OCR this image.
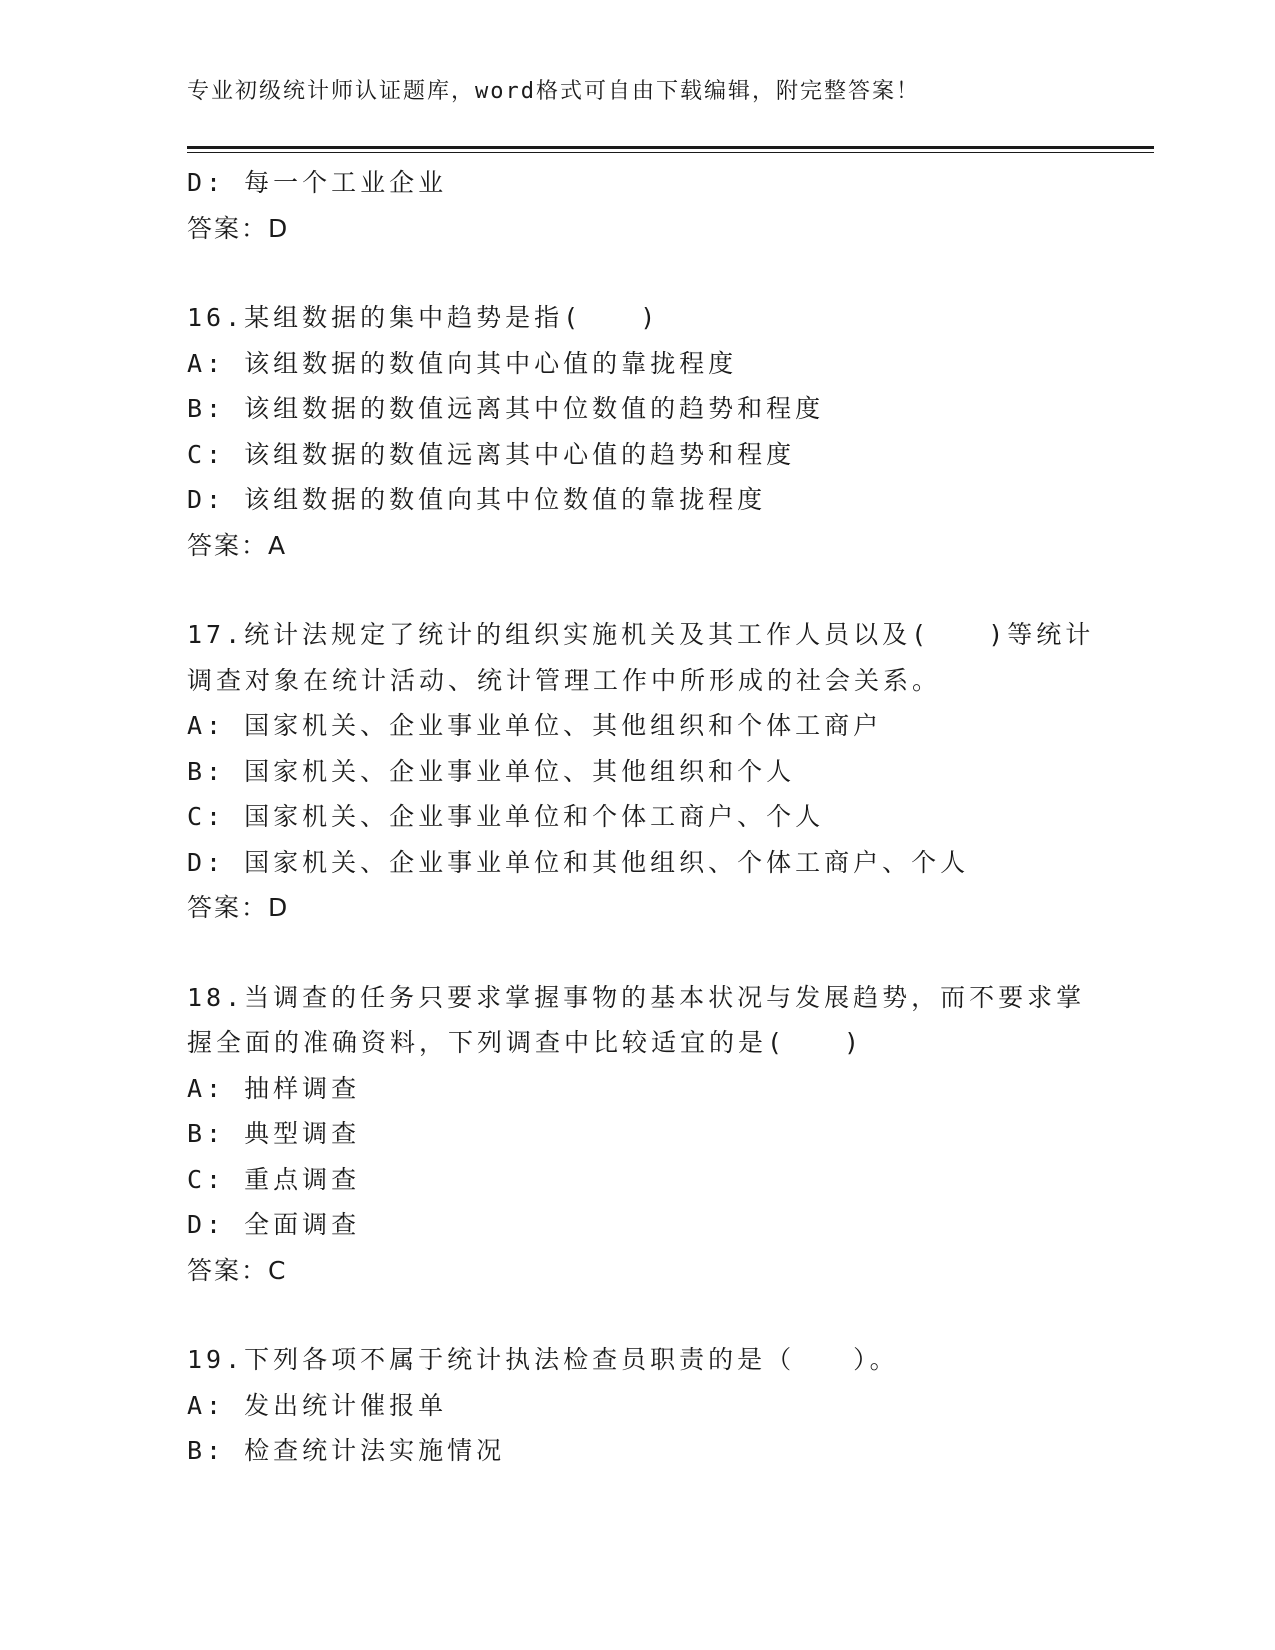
专业初级统计师认证题库，word格式可自由下载编辑，附完整答案！
D: 每一个工业企业
答案：D
16.某组数据的集中趋势是指(　　)
A: 该组数据的数值向其中心值的靠拢程度
B: 该组数据的数值远离其中位数值的趋势和程度
C: 该组数据的数值远离其中心值的趋势和程度
D: 该组数据的数值向其中位数值的靠拢程度
答案：A
17.统计法规定了统计的组织实施机关及其工作人员以及(　　)等统计
调查对象在统计活动、统计管理工作中所形成的社会关系。
A: 国家机关、企业事业单位、其他组织和个体工商户
B: 国家机关、企业事业单位、其他组织和个人
C: 国家机关、企业事业单位和个体工商户、个人
D: 国家机关、企业事业单位和其他组织、个体工商户、个人
答案：D
18.当调查的任务只要求掌握事物的基本状况与发展趋势，而不要求掌
握全面的准确资料，下列调查中比较适宜的是(　　)
A: 抽样调查
B: 典型调查
C: 重点调查
D: 全面调查
答案：C
19.下列各项不属于统计执法检查员职责的是（　　）。
A: 发出统计催报单
B: 检查统计法实施情况
